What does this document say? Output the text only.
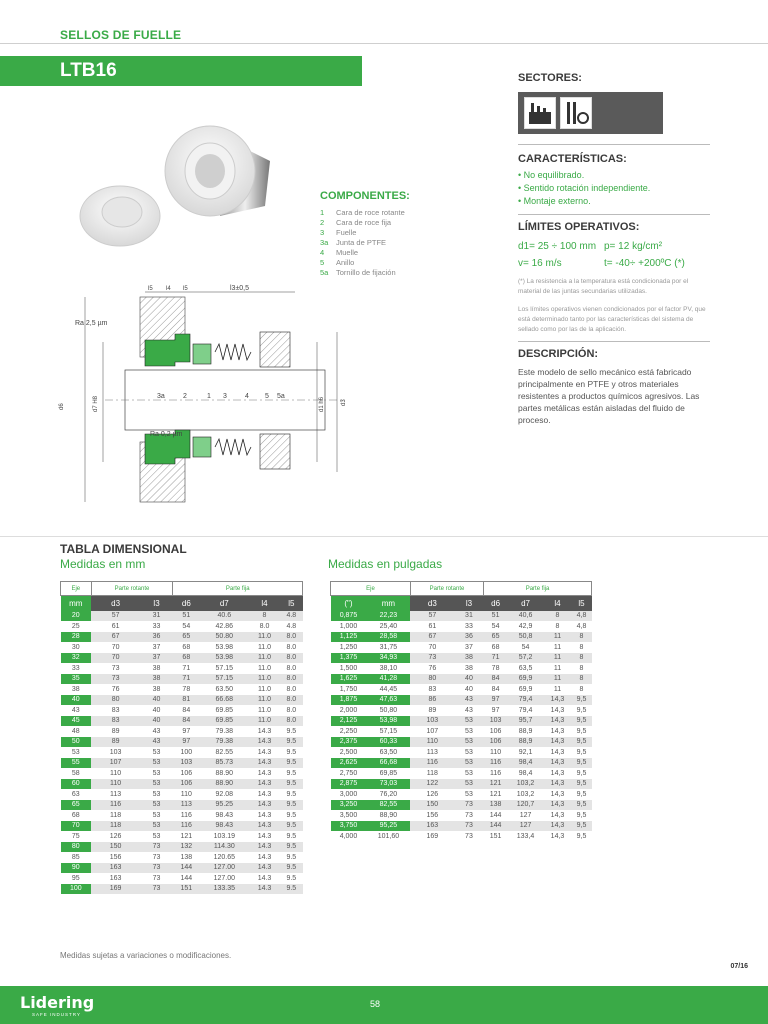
SELLOS DE FUELLE
LTB16
COMPONENTES:
1	Cara de roce rotante
2	Cara de roce fija
3	Fuelle
3a	Junta de PTFE
4	Muelle
5	Anillo
5a	Tornillo de fijación
Ra 2,5 µm
Ra 0,2 µm
d6	d7 H8	d1 h6	d3
l5 l4 l5	l3±0,5
3a	2	1 3	4 5 5a
SECTORES:
CARACTERÍSTICAS:
• No equilibrado.
• Sentido rotación independiente.
• Montaje externo.
LÍMITES OPERATIVOS:
d1= 25 ÷ 100 mm p= 12 kg/cm²
v= 16 m/s	t= -40÷ +200ºC (*)
(*) La resistencia a la temperatura está condicionada por el material de las juntas secundarias utilizadas.
Los límites operativos vienen condicionados por el factor PV, que está determinado tanto por las características del sistema de sellado como por las de la aplicación.
DESCRIPCIÓN:
Este modelo de sello mecánico está fabricado principalmente en PTFE y otros materiales resistentes a productos químicos agresivos. Las partes metálicas están aisladas del fluido de proceso.
TABLA DIMENSIONAL
Medidas en mm	Medidas en pulgadas
Eje	Parte rotante		Parte fija			
mm	d3	l3	d6	d7	l4	l5
20	57	31	51	40.6	8	4.8
25	61	33	54	42.86	8.0	4.8
28	67	36	65	50.80	11.0	8.0
30	70	37	68	53.98	11.0	8.0
32	70	37	68	53.98	11.0	8.0
33	73	38	71	57.15	11.0	8.0
35	73	38	71	57.15	11.0	8.0
38	76	38	78	63.50	11.0	8.0
40	80	40	81	66.68	11.0	8.0
43	83	40	84	69.85	11.0	8.0
45	83	40	84	69.85	11.0	8.0
48	89	43	97	79.38	14.3	9.5
50	89	43	97	79.38	14.3	9.5
53	103	53	100	82.55	14.3	9.5
55	107	53	103	85.73	14.3	9.5
58	110	53	106	88.90	14.3	9.5
60	110	53	106	88.90	14.3	9.5
63	113	53	110	92.08	14.3	9.5
65	116	53	113	95.25	14.3	9.5
68	118	53	116	98.43	14.3	9.5
70	118	53	116	98.43	14.3	9.5
75	126	53	121	103.19	14.3	9.5
80	150	73	132	114.30	14.3	9.5
85	156	73	138	120.65	14.3	9.5
90	163	73	144	127.00	14.3	9.5
95	163	73	144	127.00	14.3	9.5
100	169	73	151	133.35	14.3	9.5
Eje		Parte rotante		Parte fija			
(")	mm	d3	l3	d6	d7	l4	l5
0,875	22,23	57	31	51	40,6	8	4,8
1,000	25,40	61	33	54	42,9	8	4,8
1,125	28,58	67	36	65	50,8	11	8
1,250	31,75	70	37	68	54	11	8
1,375	34,93	73	38	71	57,2	11	8
1,500	38,10	76	38	78	63,5	11	8
1,625	41,28	80	40	84	69,9	11	8
1,750	44,45	83	40	84	69,9	11	8
1,875	47,63	86	43	97	79,4	14,3	9,5
2,000	50,80	89	43	97	79,4	14,3	9,5
2,125	53,98	103	53	103	95,7	14,3	9,5
2,250	57,15	107	53	106	88,9	14,3	9,5
2,375	60,33	110	53	106	88,9	14,3	9,5
2,500	63,50	113	53	110	92,1	14,3	9,5
2,625	66,68	116	53	116	98,4	14,3	9,5
2,750	69,85	118	53	116	98,4	14,3	9,5
2,875	73,03	122	53	121	103,2	14,3	9,5
3,000	76,20	126	53	121	103,2	14,3	9,5
3,250	82,55	150	73	138	120,7	14,3	9,5
3,500	88,90	156	73	144	127	14,3	9,5
3,750	95,25	163	73	144	127	14,3	9,5
4,000	101,60	169	73	151	133,4	14,3	9,5
Medidas sujetas a variaciones o modificaciones.
07/16
Lidering
SAFE INDUSTRY
58
